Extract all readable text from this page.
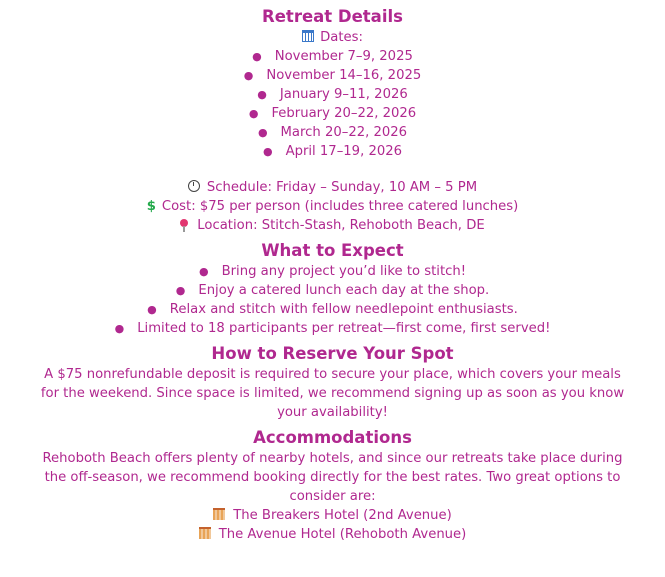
Retreat Details
Dates:
● November 7–9, 2025
● November 14–16, 2025
● January 9–11, 2026
● February 20–22, 2026
● March 20–22, 2026
● April 17–19, 2026
Schedule: Friday – Sunday, 10 AM – 5 PM
$ Cost: $75 per person (includes three catered lunches)
Location: Stitch-Stash, Rehoboth Beach, DE
What to Expect
● Bring any project you’d like to stitch!
● Enjoy a catered lunch each day at the shop.
● Relax and stitch with fellow needlepoint enthusiasts.
● Limited to 18 participants per retreat—first come, first served!
How to Reserve Your Spot

A $75 nonrefundable deposit is required to secure your place, which covers your meals for the weekend. Since space is limited, we recommend signing up as soon as you know your availability!

Accommodations

Rehoboth Beach offers plenty of nearby hotels, and since our retreats take place during the off-season, we recommend booking directly for the best rates. Two great options to consider are:

The Breakers Hotel (2nd Avenue)
The Avenue Hotel (Rehoboth Avenue)
